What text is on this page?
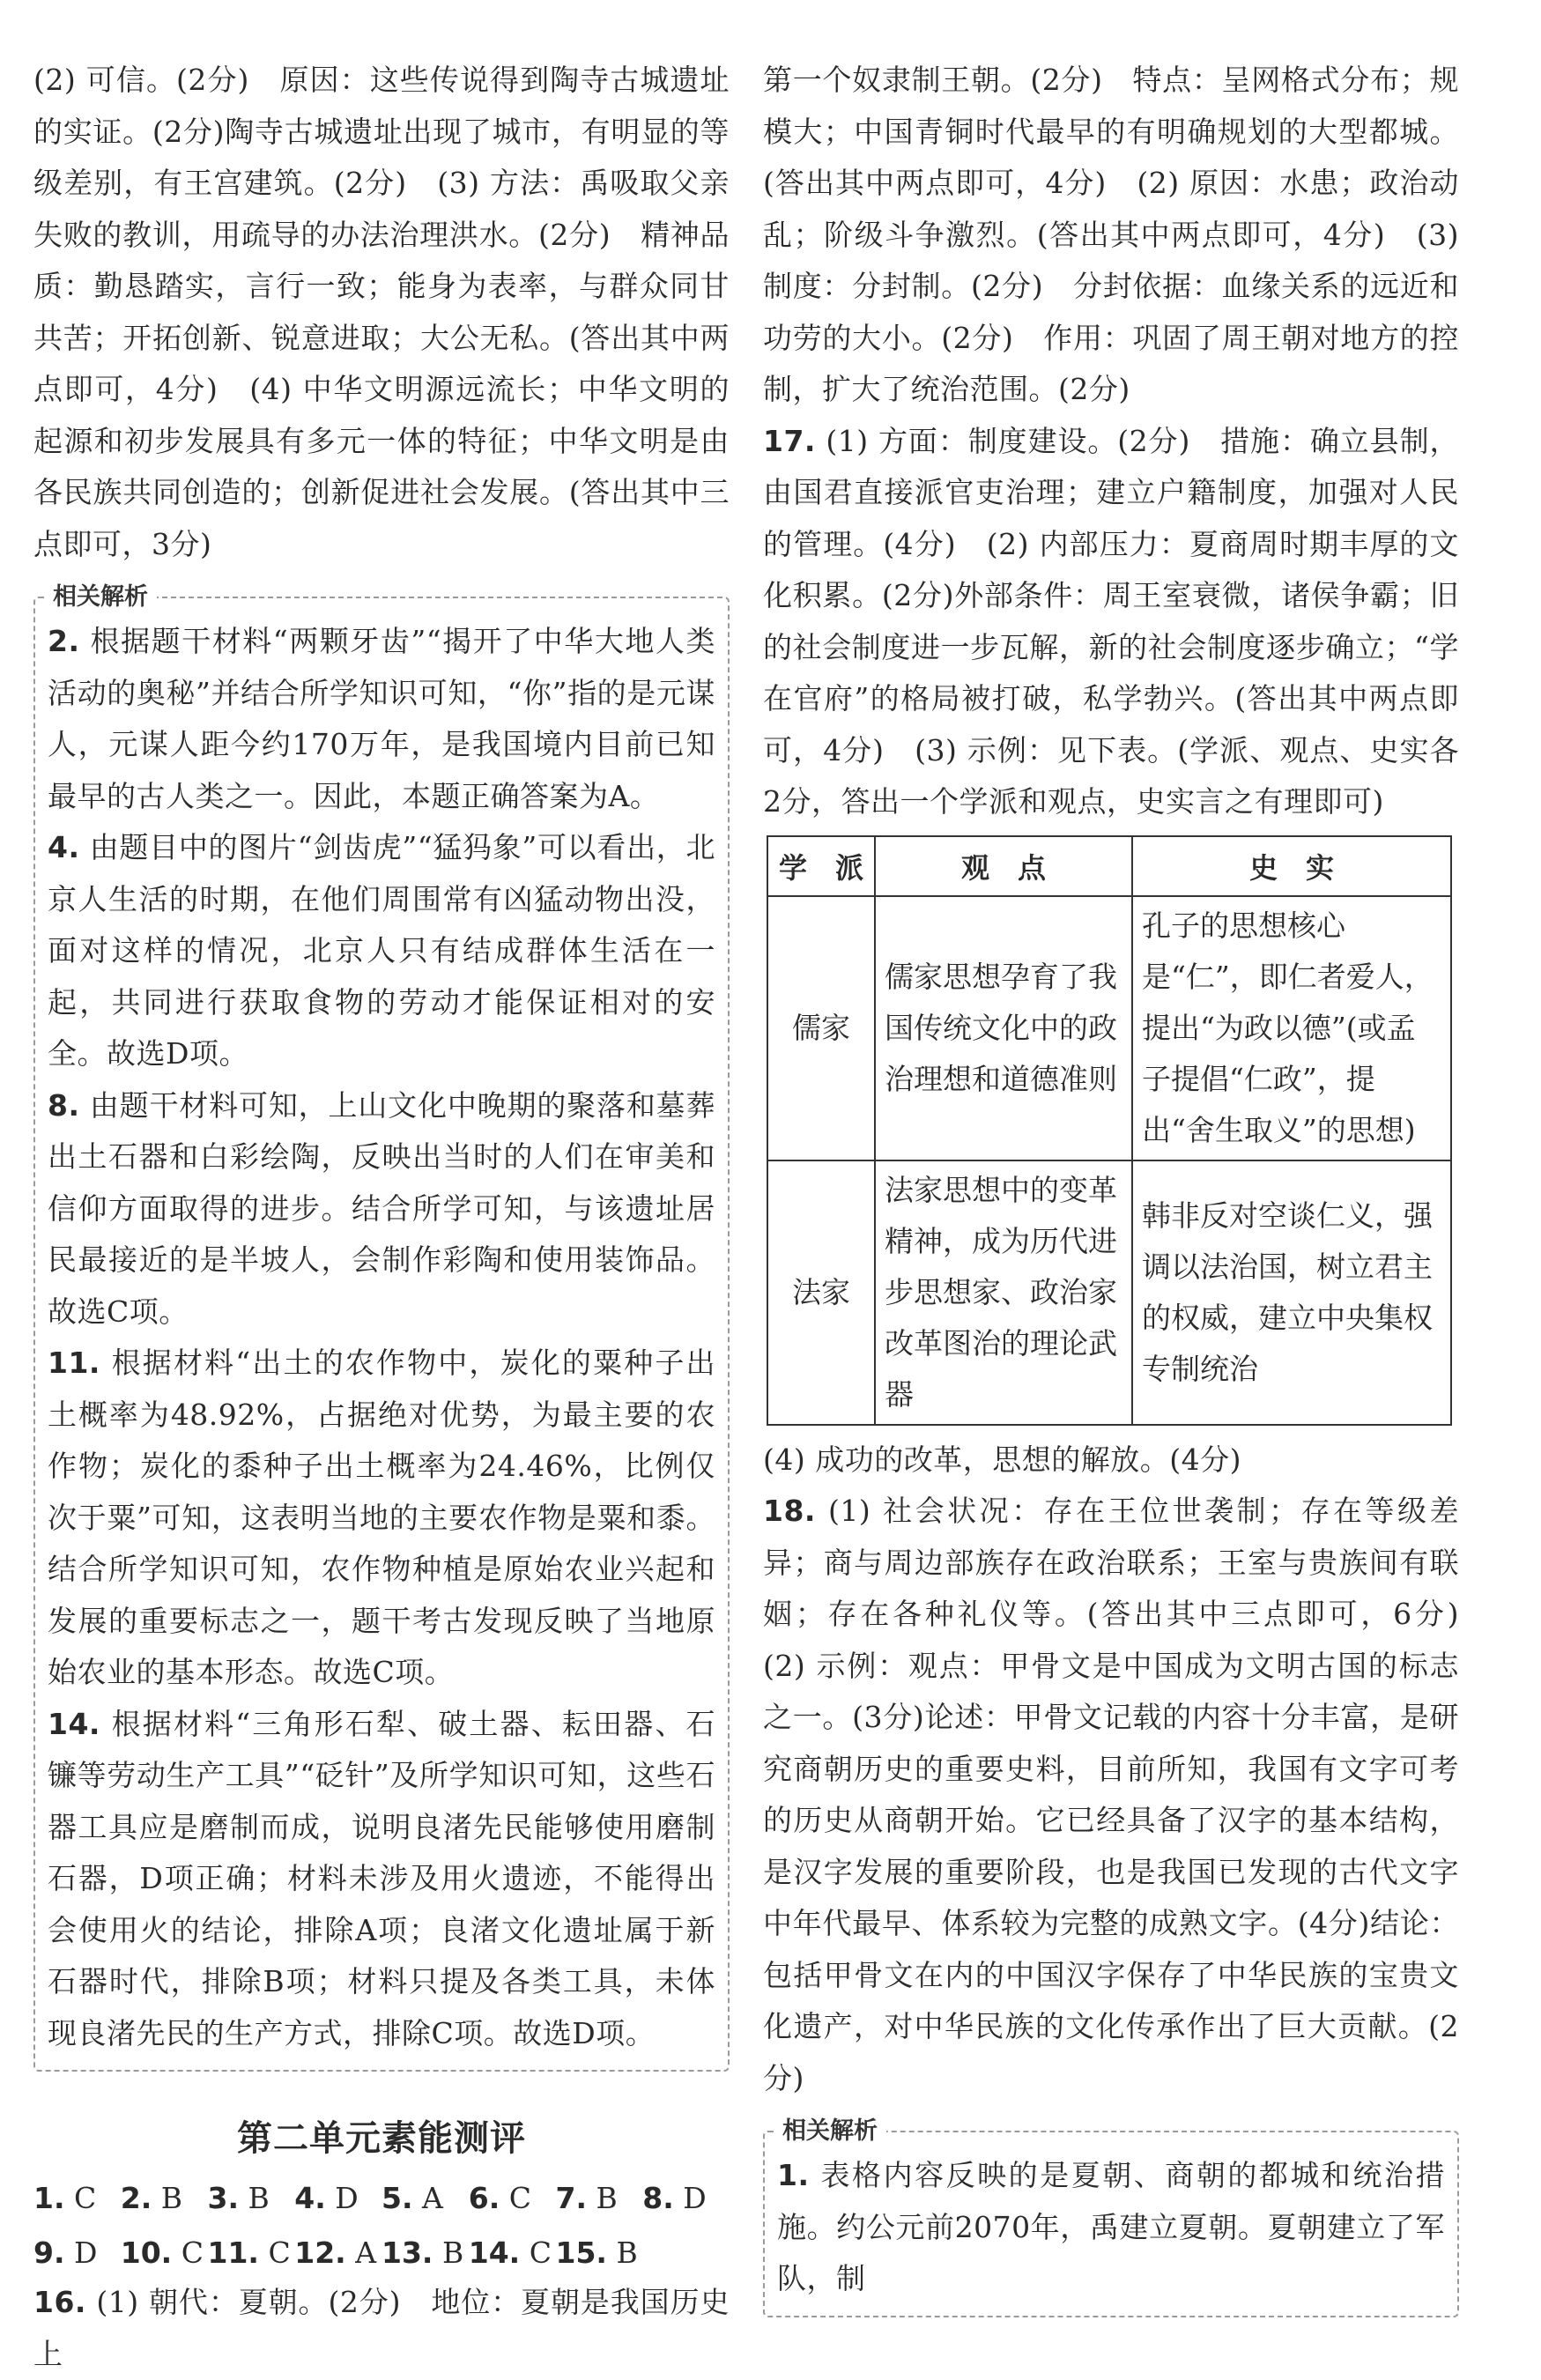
(2) 可信。(2分)　原因：这些传说得到陶寺古城遗址的实证。(2分)陶寺古城遗址出现了城市，有明显的等级差别，有王宫建筑。(2分)　(3) 方法：禹吸取父亲失败的教训，用疏导的办法治理洪水。(2分)　精神品质：勤恳踏实，言行一致；能身为表率，与群众同甘共苦；开拓创新、锐意进取；大公无私。(答出其中两点即可，4分)　(4) 中华文明源远流长；中华文明的起源和初步发展具有多元一体的特征；中华文明是由各民族共同创造的；创新促进社会发展。(答出其中三点即可，3分)

相关解析

2. 根据题干材料“两颗牙齿”“揭开了中华大地人类活动的奥秘”并结合所学知识可知，“你”指的是元谋人，元谋人距今约170万年，是我国境内目前已知最早的古人类之一。因此，本题正确答案为A。

4. 由题目中的图片“剑齿虎”“猛犸象”可以看出，北京人生活的时期，在他们周围常有凶猛动物出没，面对这样的情况，北京人只有结成群体生活在一起，共同进行获取食物的劳动才能保证相对的安全。故选D项。

8. 由题干材料可知，上山文化中晚期的聚落和墓葬出土石器和白彩绘陶，反映出当时的人们在审美和信仰方面取得的进步。结合所学可知，与该遗址居民最接近的是半坡人，会制作彩陶和使用装饰品。故选C项。

11. 根据材料“出土的农作物中，炭化的粟种子出土概率为48.92%，占据绝对优势，为最主要的农作物；炭化的黍种子出土概率为24.46%，比例仅次于粟”可知，这表明当地的主要农作物是粟和黍。结合所学知识可知，农作物种植是原始农业兴起和发展的重要标志之一，题干考古发现反映了当地原始农业的基本形态。故选C项。

14. 根据材料“三角形石犁、破土器、耘田器、石镰等劳动生产工具”“砭针”及所学知识可知，这些石器工具应是磨制而成，说明良渚先民能够使用磨制石器，D项正确；材料未涉及用火遗迹，不能得出会使用火的结论，排除A项；良渚文化遗址属于新石器时代，排除B项；材料只提及各类工具，未体现良渚先民的生产方式，排除C项。故选D项。

第二单元素能测评
1. C 2. B 3. B 4. D 5. A 6. C 7. B 8. D
9. D 10. C 11. C 12. A 13. B 14. C 15. B

16. (1) 朝代：夏朝。(2分)　地位：夏朝是我国历史上

第一个奴隶制王朝。(2分)　特点：呈网格式分布；规模大；中国青铜时代最早的有明确规划的大型都城。(答出其中两点即可，4分)　(2) 原因：水患；政治动乱；阶级斗争激烈。(答出其中两点即可，4分)　(3) 制度：分封制。(2分)　分封依据：血缘关系的远近和功劳的大小。(2分)　作用：巩固了周王朝对地方的控制，扩大了统治范围。(2分)

17. (1) 方面：制度建设。(2分)　措施：确立县制，由国君直接派官吏治理；建立户籍制度，加强对人民的管理。(4分)　(2) 内部压力：夏商周时期丰厚的文化积累。(2分)外部条件：周王室衰微，诸侯争霸；旧的社会制度进一步瓦解，新的社会制度逐步确立；“学在官府”的格局被打破，私学勃兴。(答出其中两点即可，4分)　(3) 示例：见下表。(学派、观点、史实各2分，答出一个学派和观点，史实言之有理即可)

学　派	观　点	史　实
儒家	儒家思想孕育了我国传统文化中的政治理想和道德准则	孔子的思想核心是“仁”，即仁者爱人，提出“为政以德”(或孟子提倡“仁政”，提出“舍生取义”的思想)
法家	法家思想中的变革精神，成为历代进步思想家、政治家改革图治的理论武器	韩非反对空谈仁义，强调以法治国，树立君主的权威，建立中央集权专制统治

(4) 成功的改革，思想的解放。(4分)

18. (1) 社会状况：存在王位世袭制；存在等级差异；商与周边部族存在政治联系；王室与贵族间有联姻；存在各种礼仪等。(答出其中三点即可，6分)　(2) 示例：观点：甲骨文是中国成为文明古国的标志之一。(3分)论述：甲骨文记载的内容十分丰富，是研究商朝历史的重要史料，目前所知，我国有文字可考的历史从商朝开始。它已经具备了汉字的基本结构，是汉字发展的重要阶段，也是我国已发现的古代文字中年代最早、体系较为完整的成熟文字。(4分)结论：包括甲骨文在内的中国汉字保存了中华民族的宝贵文化遗产，对中华民族的文化传承作出了巨大贡献。(2分)

相关解析

1. 表格内容反映的是夏朝、商朝的都城和统治措施。约公元前2070年，禹建立夏朝。夏朝建立了军队，制
